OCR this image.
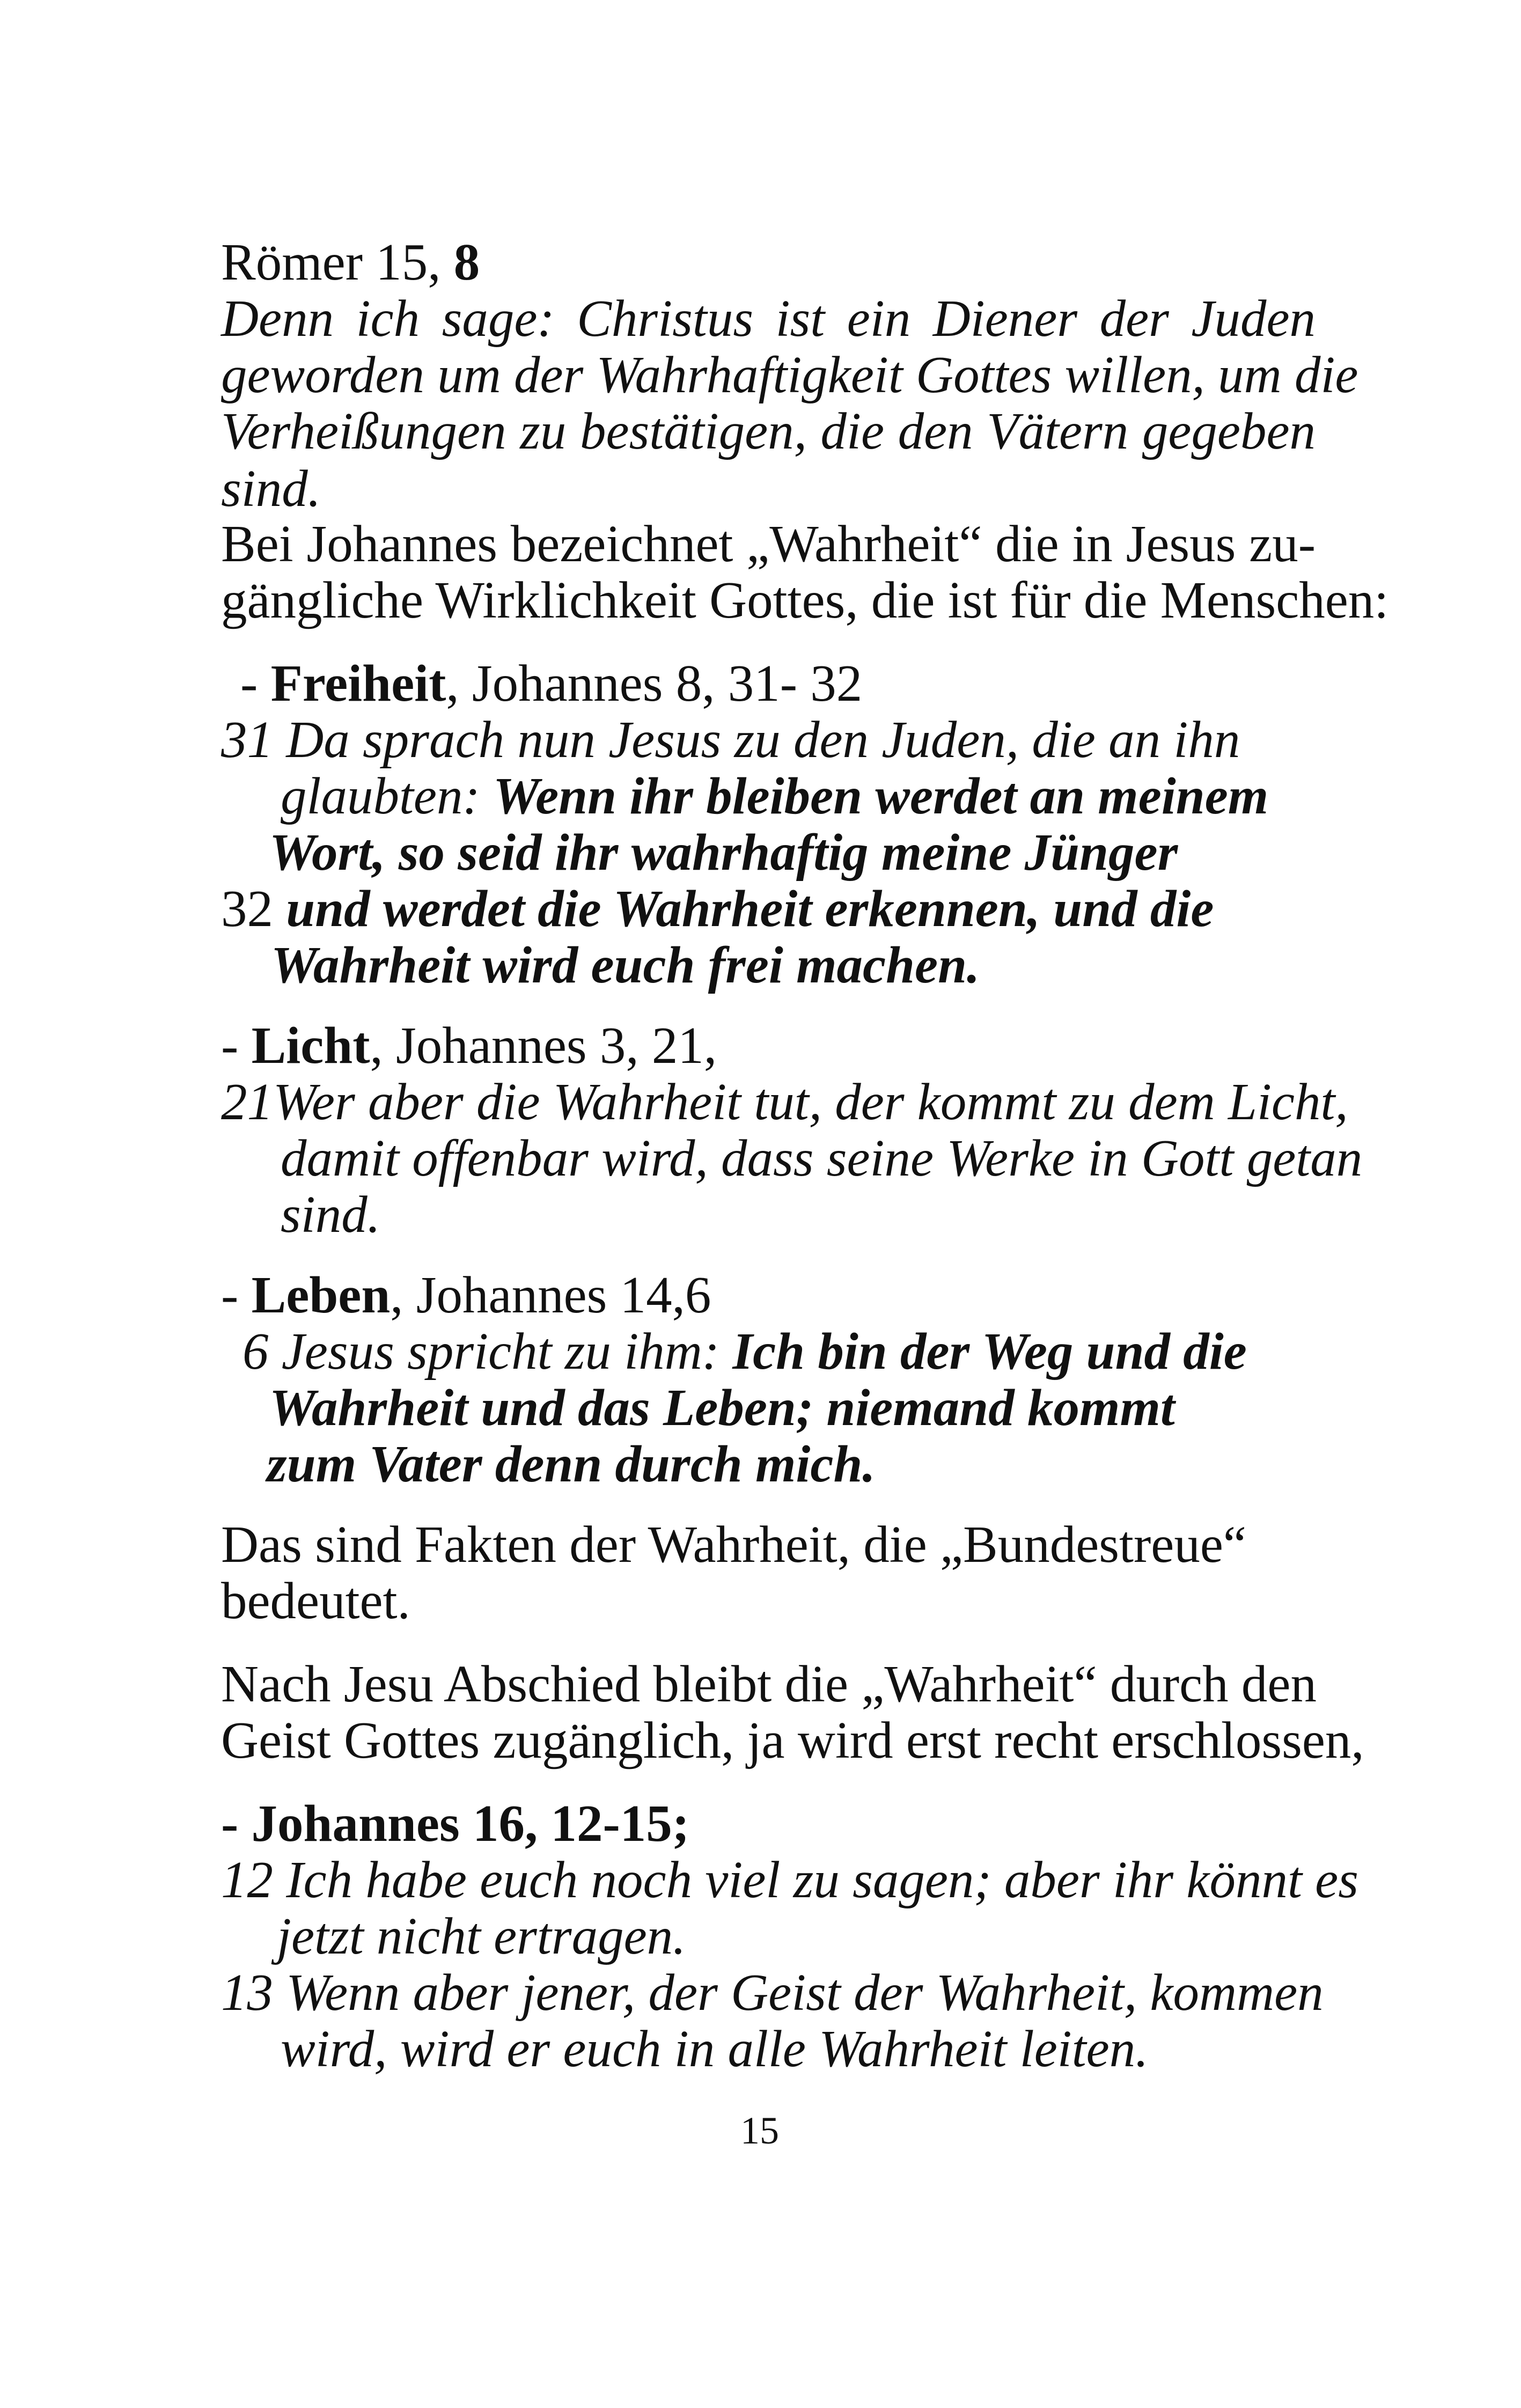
Römer 15, 8
Denn ich sage: Christus ist ein Diener der Juden
geworden um der Wahrhaftigkeit Gottes willen, um die
Verheißungen zu bestätigen, die den Vätern gegeben
sind.
Bei Johannes bezeichnet „Wahrheit“ die in Jesus zu-
gängliche Wirklichkeit Gottes, die ist für die Menschen:
- Freiheit, Johannes 8, 31- 32
31 Da sprach nun Jesus zu den Juden, die an ihn
glaubten: Wenn ihr bleiben werdet an meinem
Wort, so seid ihr wahrhaftig meine Jünger
32 und werdet die Wahrheit erkennen, und die
Wahrheit wird euch frei machen.
- Licht, Johannes 3, 21,
21Wer aber die Wahrheit tut, der kommt zu dem Licht,
damit offenbar wird, dass seine Werke in Gott getan
sind.
- Leben, Johannes 14,6
6 Jesus spricht zu ihm: Ich bin der Weg und die
Wahrheit und das Leben; niemand kommt
zum Vater denn durch mich.
Das sind Fakten der Wahrheit, die „Bundestreue“
bedeutet.
Nach Jesu Abschied bleibt die „Wahrheit“ durch den
Geist Gottes zugänglich, ja wird erst recht erschlossen,
- Johannes 16, 12-15;
12 Ich habe euch noch viel zu sagen; aber ihr könnt es
jetzt nicht ertragen.
13 Wenn aber jener, der Geist der Wahrheit, kommen
wird, wird er euch in alle Wahrheit leiten.
15
